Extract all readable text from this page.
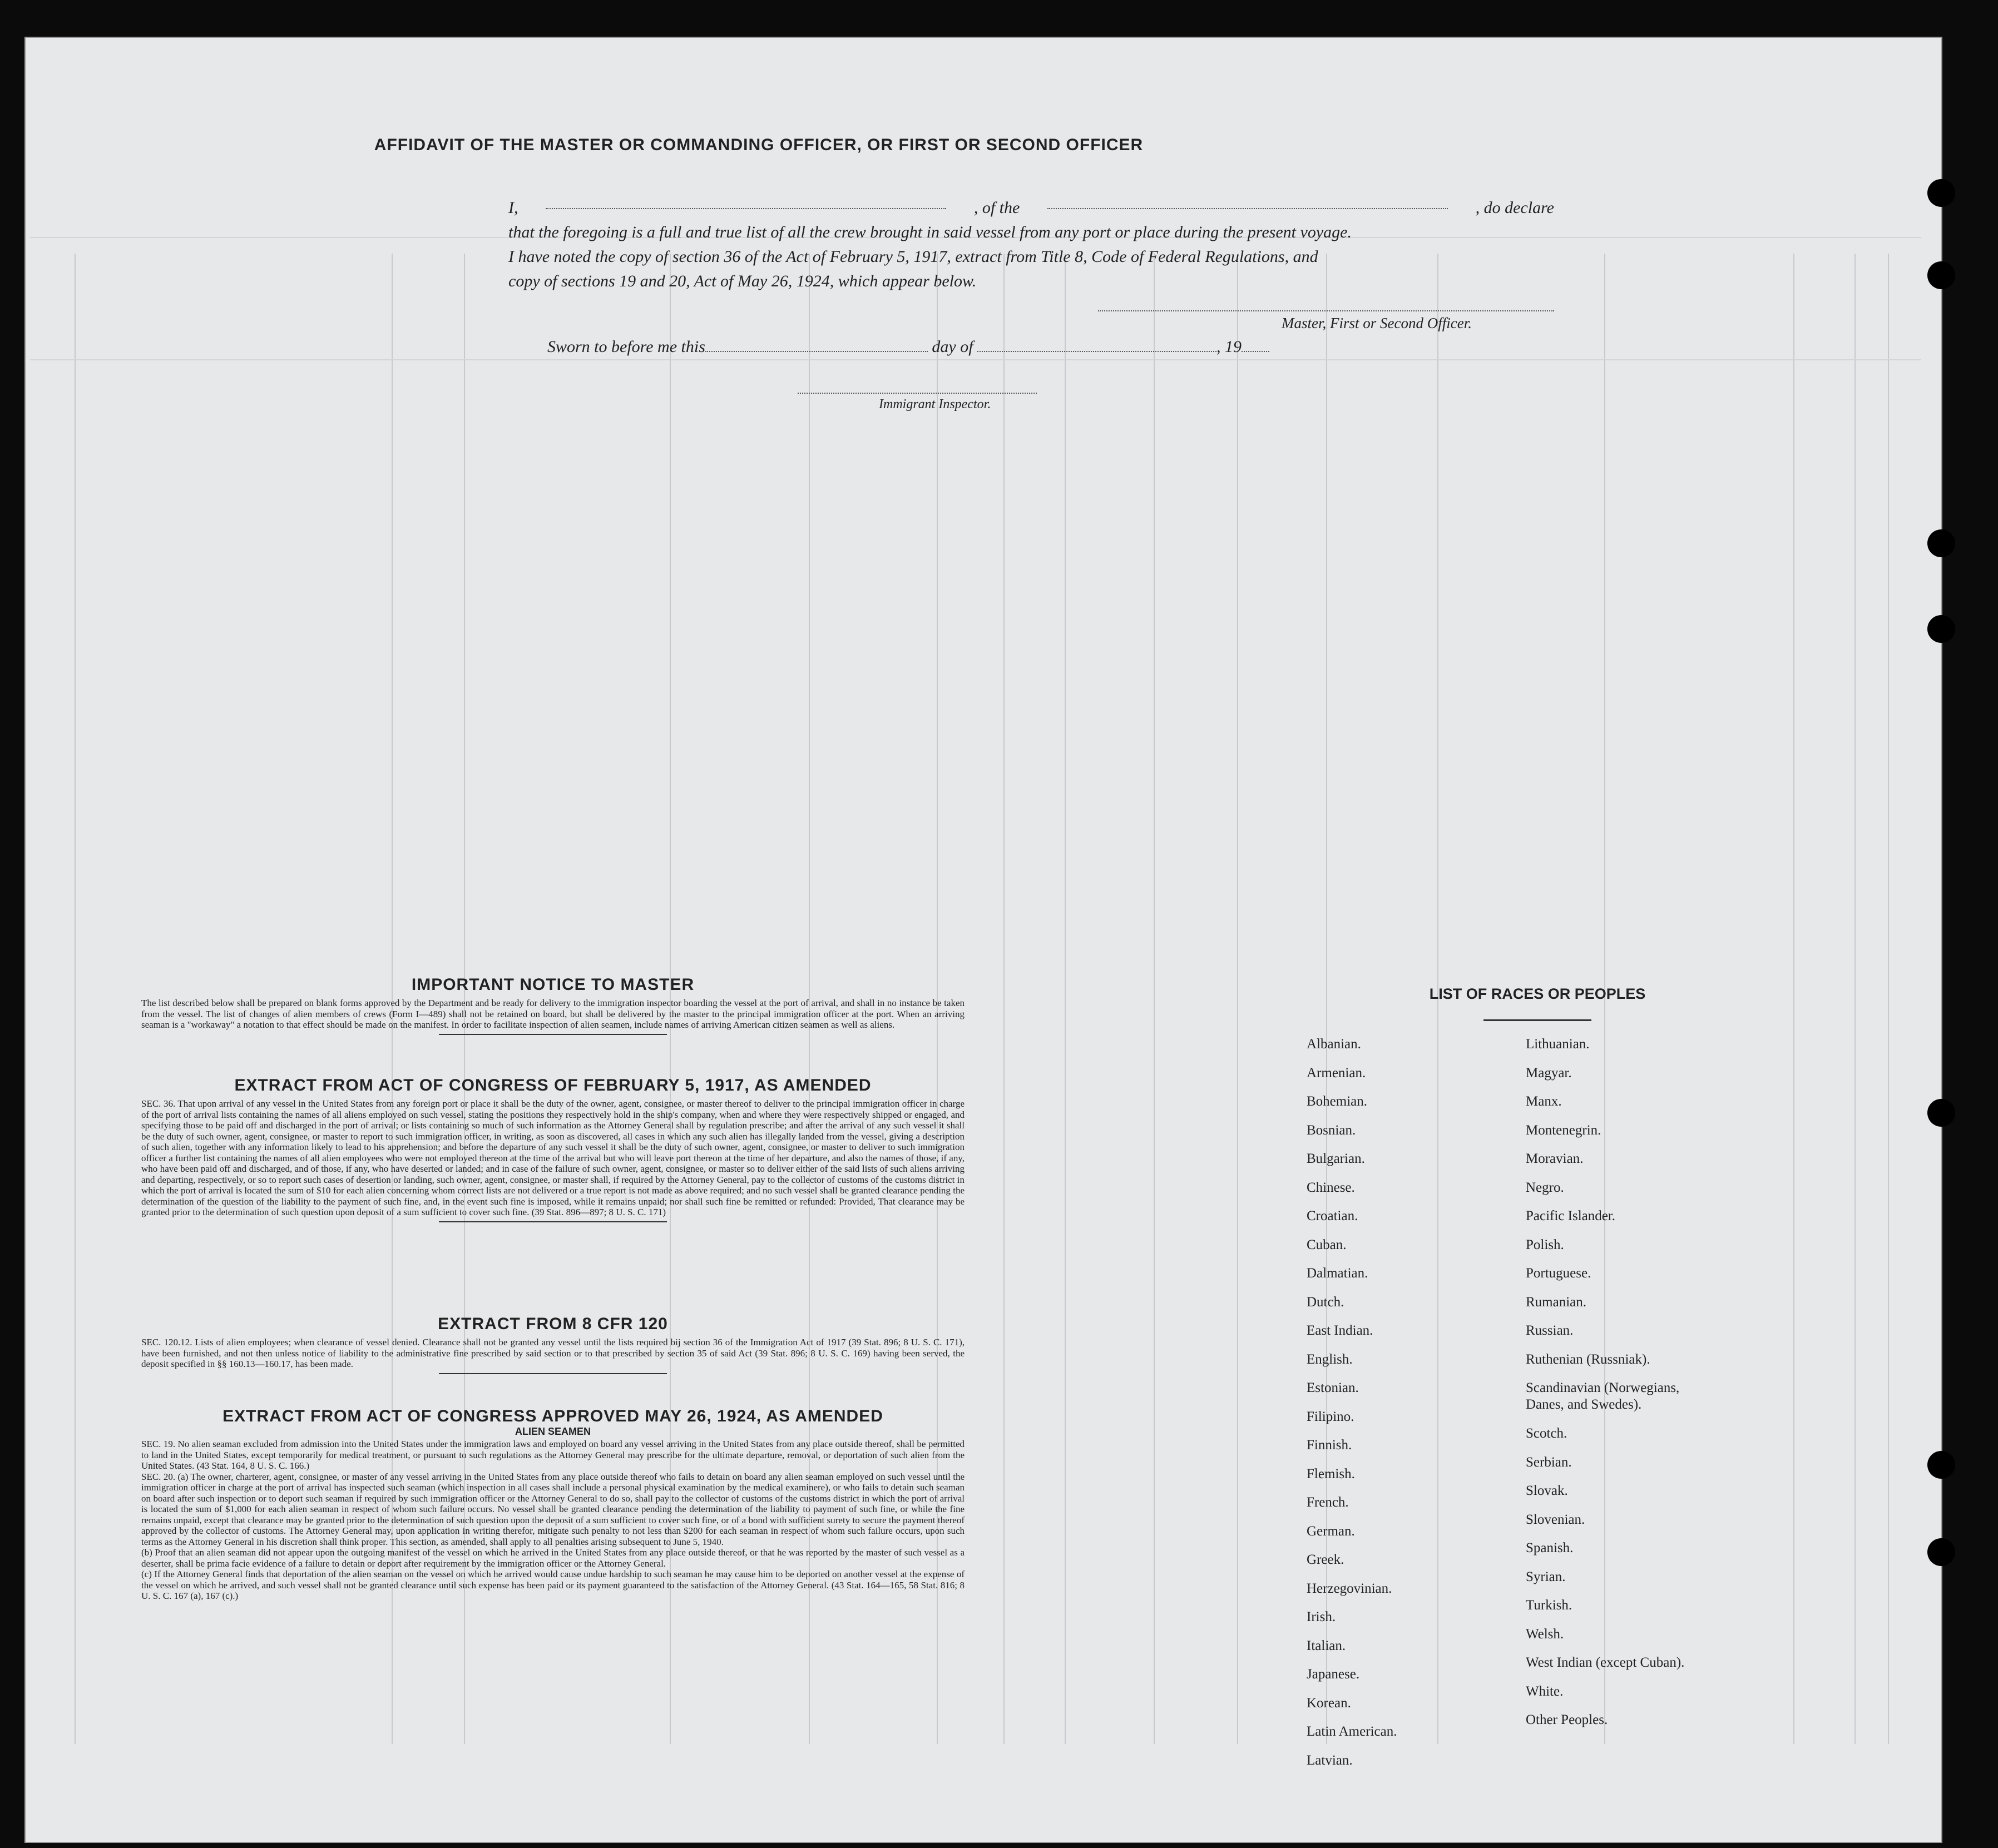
AFFIDAVIT OF THE MASTER OR COMMANDING OFFICER, OR FIRST OR SECOND OFFICER
I,	, of the	, do declare
that the foregoing is a full and true list of all the crew brought in said vessel from any port or place during the present voyage.
I have noted the copy of section 36 of the Act of February 5, 1917, extract from Title 8, Code of Federal Regulations, and
copy of sections 19 and 20, Act of May 26, 1924, which appear below.
Master, First or Second Officer.
Sworn to before me this	day of	, 19
Immigrant Inspector.
IMPORTANT NOTICE TO MASTER
The list described below shall be prepared on blank forms approved by the Department and be ready for delivery to the immigration inspector boarding the vessel at the port of arrival, and shall in no instance be taken from the vessel. The list of changes of alien members of crews (Form I—489) shall not be retained on board, but shall be delivered by the master to the principal immigration officer at the port. When an arriving seaman is a "workaway" a notation to that effect should be made on the manifest. In order to facilitate inspection of alien seamen, include names of arriving American citizen seamen as well as aliens.
EXTRACT FROM ACT OF CONGRESS OF FEBRUARY 5, 1917, AS AMENDED
SEC. 36. That upon arrival of any vessel in the United States from any foreign port or place it shall be the duty of the owner, agent, consignee, or master thereof to deliver to the principal immigration officer in charge of the port of arrival lists containing the names of all aliens employed on such vessel, stating the positions they respectively hold in the ship's company, when and where they were respectively shipped or engaged, and specifying those to be paid off and discharged in the port of arrival; or lists containing so much of such information as the Attorney General shall by regulation prescribe; and after the arrival of any such vessel it shall be the duty of such owner, agent, consignee, or master to report to such immigration officer, in writing, as soon as discovered, all cases in which any such alien has illegally landed from the vessel, giving a description of such alien, together with any information likely to lead to his apprehension; and before the departure of any such vessel it shall be the duty of such owner, agent, consignee, or master to deliver to such immigration officer a further list containing the names of all alien employees who were not employed thereon at the time of the arrival but who will leave port thereon at the time of her departure, and also the names of those, if any, who have been paid off and discharged, and of those, if any, who have deserted or landed; and in case of the failure of such owner, agent, consignee, or master so to deliver either of the said lists of such aliens arriving and departing, respectively, or so to report such cases of desertion or landing, such owner, agent, consignee, or master shall, if required by the Attorney General, pay to the collector of customs of the customs district in which the port of arrival is located the sum of $10 for each alien concerning whom correct lists are not delivered or a true report is not made as above required; and no such vessel shall be granted clearance pending the determination of the question of the liability to the payment of such fine, and, in the event such fine is imposed, while it remains unpaid; nor shall such fine be remitted or refunded: Provided, That clearance may be granted prior to the determination of such question upon deposit of a sum sufficient to cover such fine. (39 Stat. 896—897; 8 U. S. C. 171)
EXTRACT FROM 8 CFR 120
SEC. 120.12. Lists of alien employees; when clearance of vessel denied. Clearance shall not be granted any vessel until the lists required bij section 36 of the Immigration Act of 1917 (39 Stat. 896; 8 U. S. C. 171), have been furnished, and not then unless notice of liability to the administrative fine prescribed by said section or to that prescribed by section 35 of said Act (39 Stat. 896; 8 U. S. C. 169) having been served, the deposit specified in §§ 160.13—160.17, has been made.
EXTRACT FROM ACT OF CONGRESS APPROVED MAY 26, 1924, AS AMENDED
ALIEN SEAMEN
SEC. 19. No alien seaman excluded from admission into the United States under the immigration laws and employed on board any vessel arriving in the United States from any place outside thereof, shall be permitted to land in the United States, except temporarily for medical treatment, or pursuant to such regulations as the Attorney General may prescribe for the ultimate departure, removal, or deportation of such alien from the United States. (43 Stat. 164, 8 U. S. C. 166.)
SEC. 20. (a) The owner, charterer, agent, consignee, or master of any vessel arriving in the United States from any place outside thereof who fails to detain on board any alien seaman employed on such vessel until the immigration officer in charge at the port of arrival has inspected such seaman (which inspection in all cases shall include a personal physical examination by the medical examinere), or who fails to detain such seaman on board after such inspection or to deport such seaman if required by such immigration officer or the Attorney General to do so, shall pay to the collector of customs of the customs district in which the port of arrival is located the sum of $1,000 for each alien seaman in respect of whom such failure occurs. No vessel shall be granted clearance pending the determination of the liability to payment of such fine, or while the fine remains unpaid, except that clearance may be granted prior to the determination of such question upon the deposit of a sum sufficient to cover such fine, or of a bond with sufficient surety to secure the payment thereof approved by the collector of customs. The Attorney General may, upon application in writing therefor, mitigate such penalty to not less than $200 for each seaman in respect of whom such failure occurs, upon such terms as the Attorney General in his discretion shall think proper. This section, as amended, shall apply to all penalties arising subsequent to June 5, 1940.
(b) Proof that an alien seaman did not appear upon the outgoing manifest of the vessel on which he arrived in the United States from any place outside thereof, or that he was reported by the master of such vessel as a deserter, shall be prima facie evidence of a failure to detain or deport after requirement by the immigration officer or the Attorney General.
(c) If the Attorney General finds that deportation of the alien seaman on the vessel on which he arrived would cause undue hardship to such seaman he may cause him to be deported on another vessel at the expense of the vessel on which he arrived, and such vessel shall not be granted clearance until such expense has been paid or its payment guaranteed to the satisfaction of the Attorney General. (43 Stat. 164—165, 58 Stat. 816; 8 U. S. C. 167 (a), 167 (c).)
LIST OF RACES OR PEOPLES
Albanian.
Armenian.
Bohemian.
Bosnian.
Bulgarian.
Chinese.
Croatian.
Cuban.
Dalmatian.
Dutch.
East Indian.
English.
Estonian.
Filipino.
Finnish.
Flemish.
French.
German.
Greek.
Herzegovinian.
Irish.
Italian.
Japanese.
Korean.
Latin American.
Latvian.
Lithuanian.
Magyar.
Manx.
Montenegrin.
Moravian.
Negro.
Pacific Islander.
Polish.
Portuguese.
Rumanian.
Russian.
Ruthenian (Russniak).
Scandinavian (Norwegians,
Danes, and Swedes).
Scotch.
Serbian.
Slovak.
Slovenian.
Spanish.
Syrian.
Turkish.
Welsh.
West Indian (except Cuban).
White.
Other Peoples.
